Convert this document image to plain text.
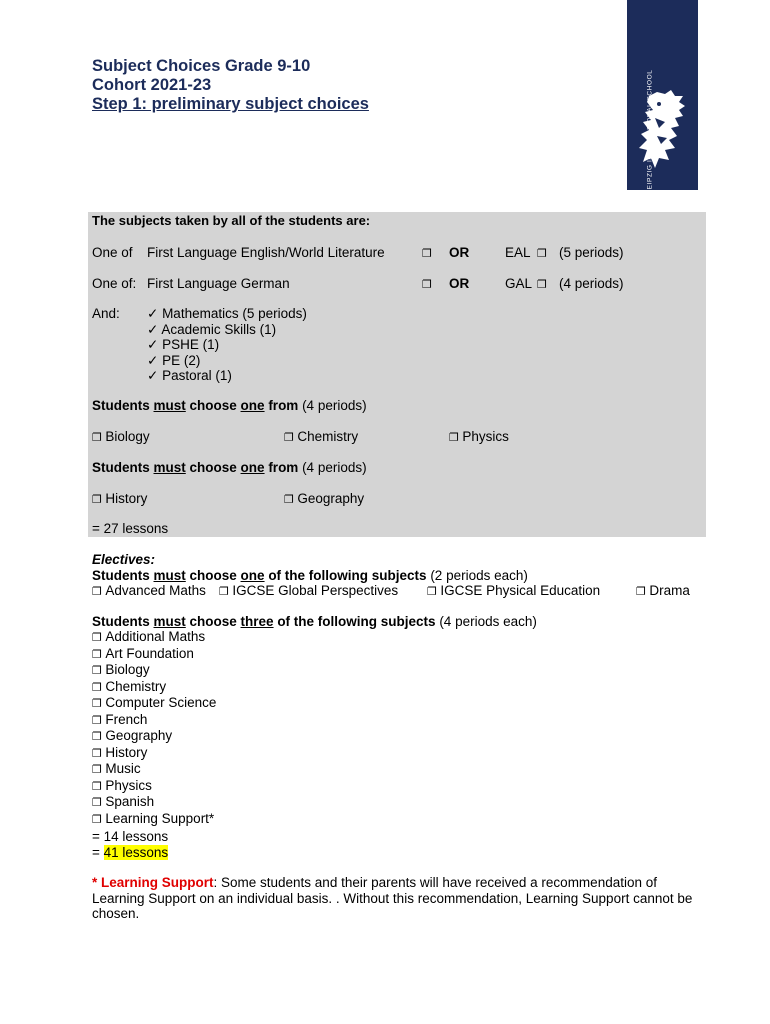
Subject Choices Grade 9-10
Cohort 2021-23
Step 1: preliminary subject choices
The subjects taken by all of the students are:
One of First Language English/World Literature	❐ OR	EAL ❐ (5 periods)
One of: First Language German	❐ OR	GAL ❐ (4 periods)
And: ✓ Mathematics (5 periods)
✓ Academic Skills (1)
✓ PSHE (1)
✓ PE (2)
✓ Pastoral (1)
Students must choose one from (4 periods)
❐ Biology	❐ Chemistry	❐ Physics
Students must choose one from (4 periods)
❐ History	❐ Geography
= 27 lessons
Electives:
Students must choose one of the following subjects (2 periods each)
❐ Advanced Maths ❐ IGCSE Global Perspectives	❐ IGCSE Physical Education	❐ Drama
Students must choose three of the following subjects (4 periods each)
❐ Additional Maths
❐ Art Foundation
❐ Biology
❐ Chemistry
❐ Computer Science
❐ French
❐ Geography
❐ History
❐ Music
❐ Physics
❐ Spanish
❐ Learning Support*
= 14 lessons
= 41 lessons
* Learning Support: Some students and their parents will have received a recommendation of Learning Support on an individual basis. . Without this recommendation, Learning Support cannot be chosen.
